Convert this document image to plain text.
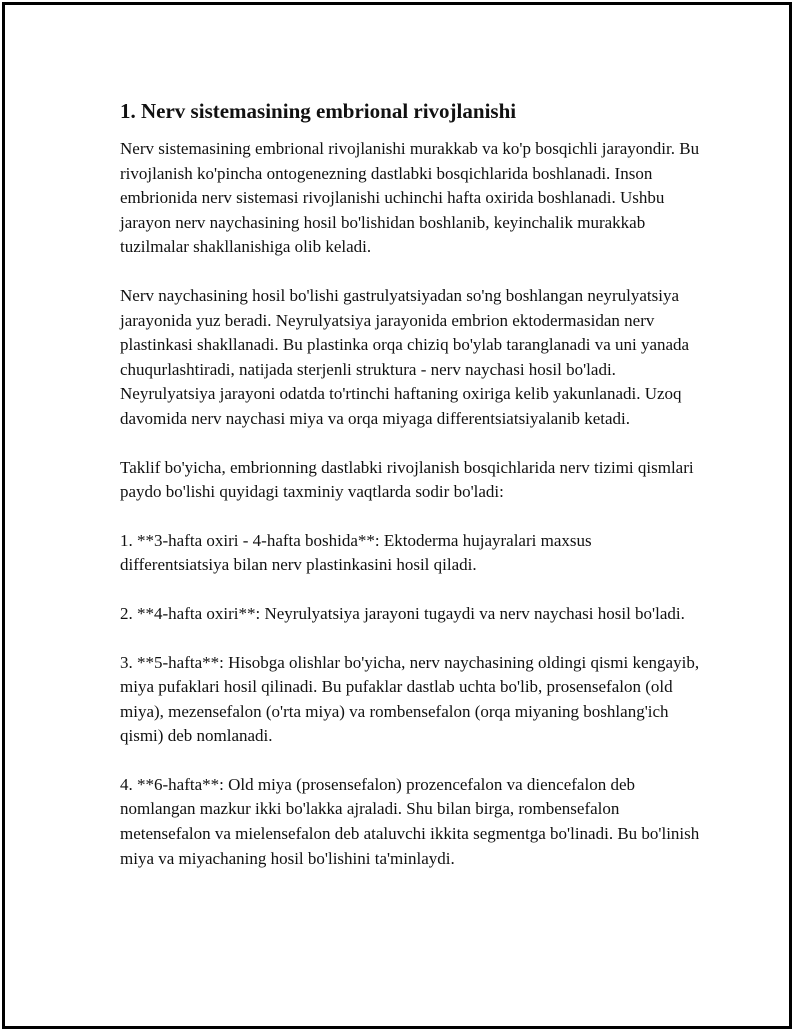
1. Nerv sistemasining embrional rivojlanishi

Nerv sistemasining embrional rivojlanishi murakkab va ko'p bosqichli jarayondir. Bu rivojlanish ko'pincha ontogenezning dastlabki bosqichlarida boshlanadi. Inson embrionida nerv sistemasi rivojlanishi uchinchi hafta oxirida boshlanadi. Ushbu jarayon nerv naychasining hosil bo'lishidan boshlanib, keyinchalik murakkab tuzilmalar shakllanishiga olib keladi.

Nerv naychasining hosil bo'lishi gastrulyatsiyadan so'ng boshlangan neyrulyatsiya jarayonida yuz beradi. Neyrulyatsiya jarayonida embrion ektodermasidan nerv plastinkasi shakllanadi. Bu plastinka orqa chiziq bo'ylab taranglanadi va uni yanada chuqurlashtiradi, natijada sterjenli struktura - nerv naychasi hosil bo'ladi. Neyrulyatsiya jarayoni odatda to'rtinchi haftaning oxiriga kelib yakunlanadi. Uzoq davomida nerv naychasi miya va orqa miyaga differentsiatsiyalanib ketadi.

Taklif bo'yicha, embrionning dastlabki rivojlanish bosqichlarida nerv tizimi qismlari paydo bo'lishi quyidagi taxminiy vaqtlarda sodir bo'ladi:

1. **3-hafta oxiri - 4-hafta boshida**: Ektoderma hujayralari maxsus differentsiatsiya bilan nerv plastinkasini hosil qiladi.

2. **4-hafta oxiri**: Neyrulyatsiya jarayoni tugaydi va nerv naychasi hosil bo'ladi.

3. **5-hafta**: Hisobga olishlar bo'yicha, nerv naychasining oldingi qismi kengayib, miya pufaklari hosil qilinadi. Bu pufaklar dastlab uchta bo'lib, prosensefalon (old miya), mezensefalon (o'rta miya) va rombensefalon (orqa miyaning boshlang'ich qismi) deb nomlanadi.

4. **6-hafta**: Old miya (prosensefalon) prozencefalon va diencefalon deb nomlangan mazkur ikki bo'lakka ajraladi. Shu bilan birga, rombensefalon metensefalon va mielensefalon deb ataluvchi ikkita segmentga bo'linadi. Bu bo'linish miya va miyachaning hosil bo'lishini ta'minlaydi.
